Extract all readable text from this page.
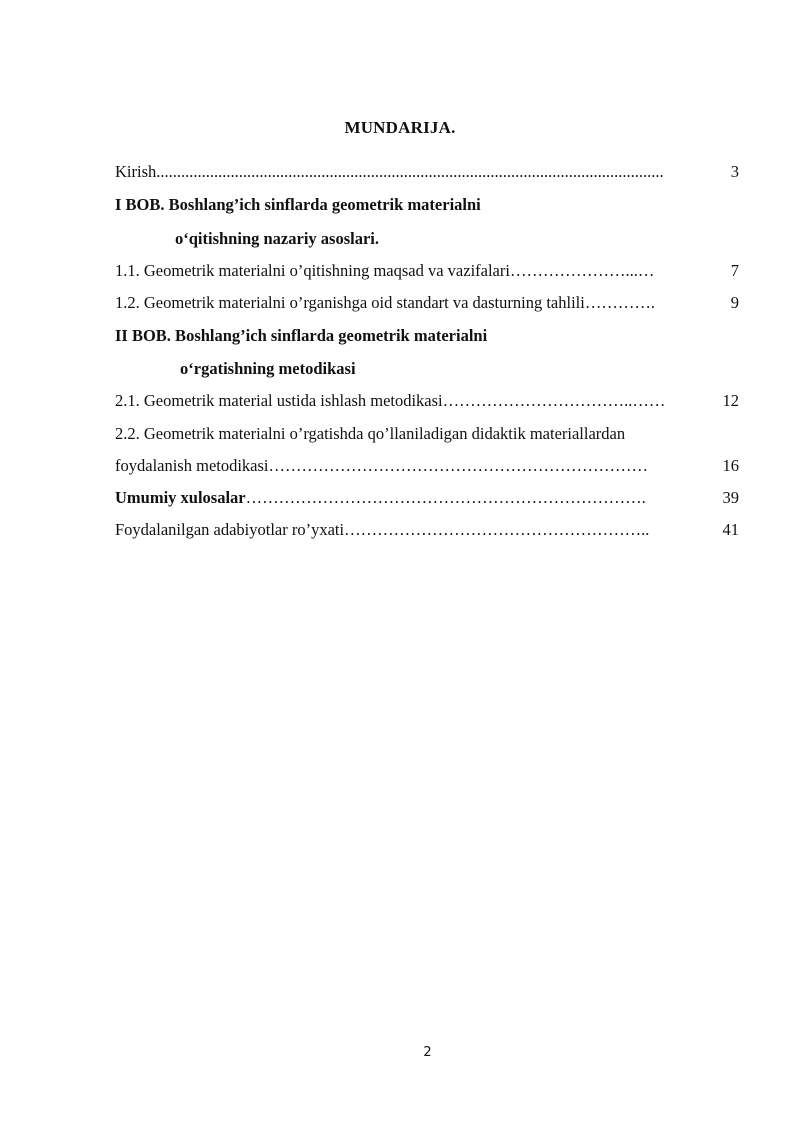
MUNDARIJA.
Kirish...........................................................................................................................	3
I BOB. Boshlang’ich sinflarda geometrik materialni
o‘qitishning nazariy asoslari.
1.1. Geometrik materialni o’qitishning maqsad va vazifalari…………………...…	7
1.2. Geometrik materialni o’rganishga oid standart va dasturning tahlili………….	9
II BOB. Boshlang’ich sinflarda geometrik materialni
o‘rgatishning metodikasi
2.1. Geometrik material ustida ishlash metodikasi……………………………..……	12
2.2. Geometrik materialni o’rgatishda qo’llaniladigan didaktik materiallardan
foydalanish metodikasi……………………………………………………………	16
Umumiy xulosalar……………………………………………………………….	39
Foydalanilgan adabiyotlar ro’yxati………………………………………………..	41
2
